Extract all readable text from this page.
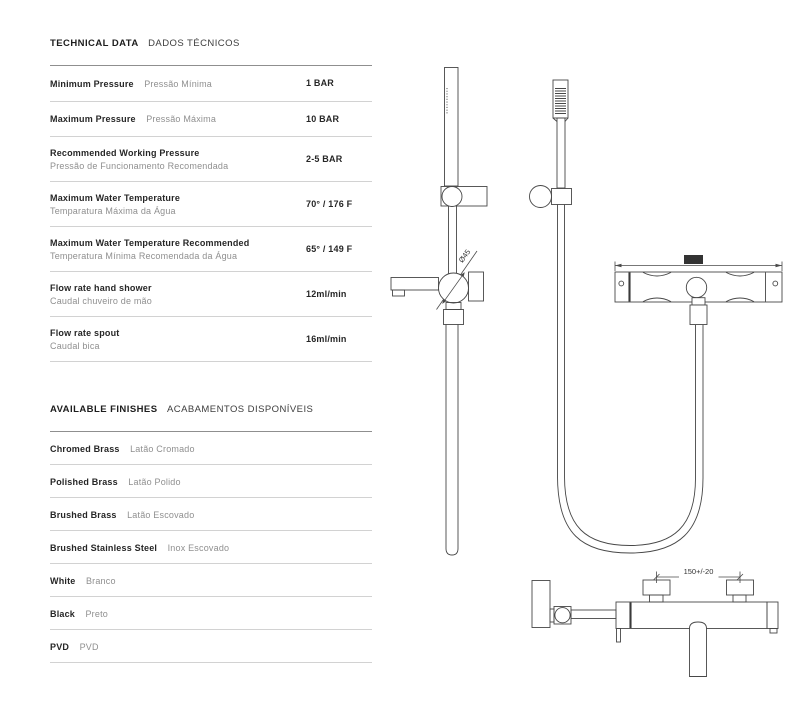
TECHNICAL DATA DADOS TÉCNICOS
Minimum Pressure Pressão Mínima	1 BAR
Maximum Pressure Pressão Máxima	10 BAR
Recommended Working Pressure
Pressão de Funcionamento Recomendada
2-5 BAR
Maximum Water Temperature
Temparatura Máxima da Água
70° / 176 F
Maximum Water Temperature Recommended
Temperatura Mínima Recomendada da Água
65° / 149 F
Flow rate hand shower
Caudal chuveiro de mão
12ml/min
Flow rate spout
Caudal bica
16ml/min
AVAILABLE FINISHES ACABAMENTOS DISPONÍVEIS
Chromed Brass Latão Cromado
Polished Brass Latão Polido
Brushed Brass Latão Escovado
Brushed Stainless Steel Inox Escovado
White Branco
Black Preto
PVD PVD
Ø45	300
150+/-20
